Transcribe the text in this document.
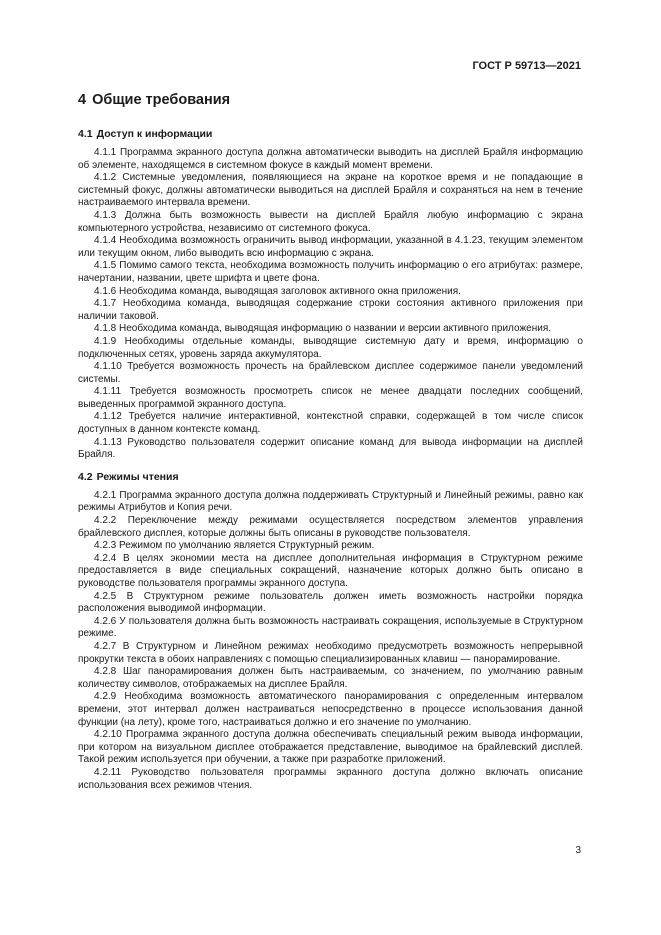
ГОСТ Р 59713—2021

4 Общие требования
4.1 Доступ к информации

4.1.1 Программа экранного доступа должна автоматически выводить на дисплей Брайля информацию об элементе, находящемся в системном фокусе в каждый момент времени.

4.1.2 Системные уведомления, появляющиеся на экране на короткое время и не попадающие в системный фокус, должны автоматически выводиться на дисплей Брайля и сохраняться на нем в течение настраиваемого интервала времени.

4.1.3 Должна быть возможность вывести на дисплей Брайля любую информацию с экрана компьютерного устройства, независимо от системного фокуса.

4.1.4 Необходима возможность ограничить вывод информации, указанной в 4.1.23, текущим элементом или текущим окном, либо выводить всю информацию с экрана.

4.1.5 Помимо самого текста, необходима возможность получить информацию о его атрибутах: размере, начертании, названии, цвете шрифта и цвете фона.

4.1.6 Необходима команда, выводящая заголовок активного окна приложения.

4.1.7 Необходима команда, выводящая содержание строки состояния активного приложения при наличии таковой.

4.1.8 Необходима команда, выводящая информацию о названии и версии активного приложения.

4.1.9 Необходимы отдельные команды, выводящие системную дату и время, информацию о подключенных сетях, уровень заряда аккумулятора.

4.1.10 Требуется возможность прочесть на брайлевском дисплее содержимое панели уведомлений системы.

4.1.11 Требуется возможность просмотреть список не менее двадцати последних сообщений, выведенных программой экранного доступа.

4.1.12 Требуется наличие интерактивной, контекстной справки, содержащей в том числе список доступных в данном контексте команд.

4.1.13 Руководство пользователя содержит описание команд для вывода информации на дисплей Брайля.

4.2 Режимы чтения

4.2.1 Программа экранного доступа должна поддерживать Структурный и Линейный режимы, равно как режимы Атрибутов и Копия речи.

4.2.2 Переключение между режимами осуществляется посредством элементов управления брайлевского дисплея, которые должны быть описаны в руководстве пользователя.

4.2.3 Режимом по умолчанию является Структурный режим.

4.2.4 В целях экономии места на дисплее дополнительная информация в Структурном режиме предоставляется в виде специальных сокращений, назначение которых должно быть описано в руководстве пользователя программы экранного доступа.

4.2.5 В Структурном режиме пользователь должен иметь возможность настройки порядка расположения выводимой информации.

4.2.6 У пользователя должна быть возможность настраивать сокращения, используемые в Структурном режиме.

4.2.7 В Структурном и Линейном режимах необходимо предусмотреть возможность непрерывной прокрутки текста в обоих направлениях с помощью специализированных клавиш — панорамирование.

4.2.8 Шаг панорамирования должен быть настраиваемым, со значением, по умолчанию равным количеству символов, отображаемых на дисплее Брайля.

4.2.9 Необходима возможность автоматического панорамирования с определенным интервалом времени, этот интервал должен настраиваться непосредственно в процессе использования данной функции (на лету), кроме того, настраиваться должно и его значение по умолчанию.

4.2.10 Программа экранного доступа должна обеспечивать специальный режим вывода информации, при котором на визуальном дисплее отображается представление, выводимое на брайлевский дисплей. Такой режим используется при обучении, а также при разработке приложений.

4.2.11 Руководство пользователя программы экранного доступа должно включать описание использования всех режимов чтения.

3
